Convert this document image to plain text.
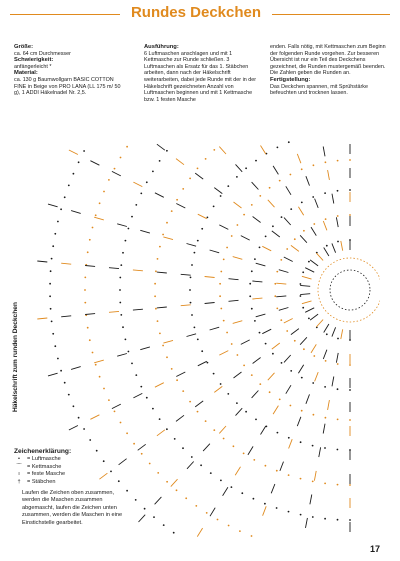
Rundes Deckchen
Größe:
ca. 64 cm Durchmesser
Schwierigkeit:
anfängerleicht *
Material:
ca. 130 g Baumwollgarn BASIC COTTON FINE in Beige von PRO LANA (LL 175 m/ 50 g), 1 ADDI Häkelnadel Nr. 2,5.
Ausführung:
6 Luftmaschen anschlagen und mit 1 Kettmasche zur Runde schließen. 3 Luftmaschen als Ersatz für das 1. Stäbchen arbeiten, dann nach der Häkelschrift weiterarbeiten, dabei jede Runde mit der in der Häkelschrift gezeichneten Anzahl von Luftmaschen beginnen und mit 1 Kettmasche bzw. 1 festen Masche
enden. Falls nötig, mit Kettmaschen zum Beginn der folgenden Runde vorgehen. Zur besseren Übersicht ist nur ein Teil des Deckchens gezeichnet, die Runden mustergemäß beenden. Die Zahlen geben die Runden an.
Fertigstellung:
Das Deckchen spannen, mit Sprühstärke befeuchten und trocknen lassen.
Häkelschrift zum runden Deckchen
Zeichenerklärung:
•	= Luftmasche
⌒ = Kettmasche
ı	= feste Masche
†	= Stäbchen
Laufen die Zeichen oben zusammen, werden die Maschen zusammen abgemascht, laufen die Zeichen unten zusammen, werden die Maschen in eine Einstichstelle gearbeitet.
17
